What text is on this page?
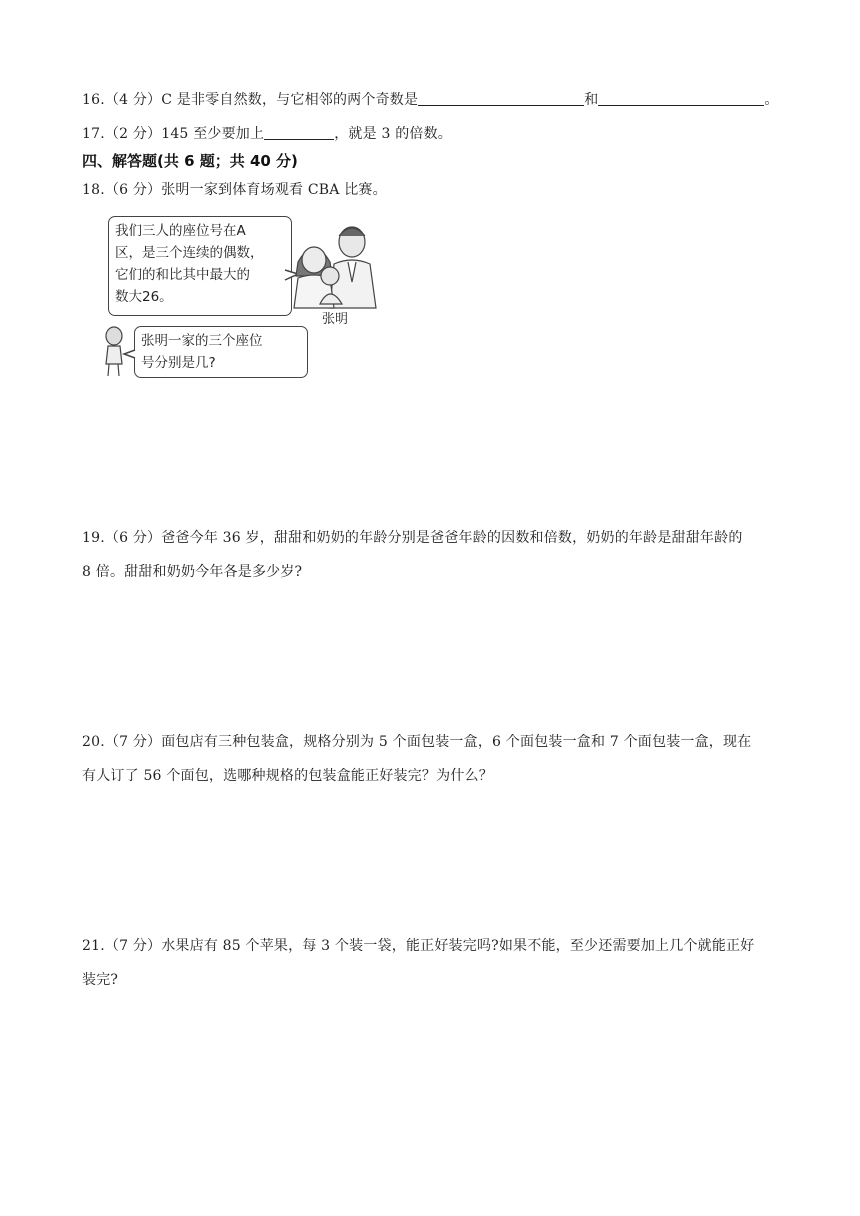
16.（4 分）C 是非零自然数，与它相邻的两个奇数是	和	。
17.（2 分）145 至少要加上	，就是 3 的倍数。
四、解答题(共 6 题；共 40 分)
18.（6 分）张明一家到体育场观看 CBA 比赛。
我们三人的座位号在A
区，是三个连续的偶数，
它们的和比其中最大的
数大26。
张明一家的三个座位
号分别是几?
张明
19.（6 分）爸爸今年 36 岁，甜甜和奶奶的年龄分别是爸爸年龄的因数和倍数，奶奶的年龄是甜甜年龄的
8 倍。甜甜和奶奶今年各是多少岁?
20.（7 分）面包店有三种包装盒，规格分别为 5 个面包装一盒，6 个面包装一盒和 7 个面包装一盒，现在
有人订了 56 个面包，选哪种规格的包装盒能正好装完？为什么？
21.（7 分）水果店有 85 个苹果，每 3 个装一袋，能正好装完吗?如果不能，至少还需要加上几个就能正好
装完?
